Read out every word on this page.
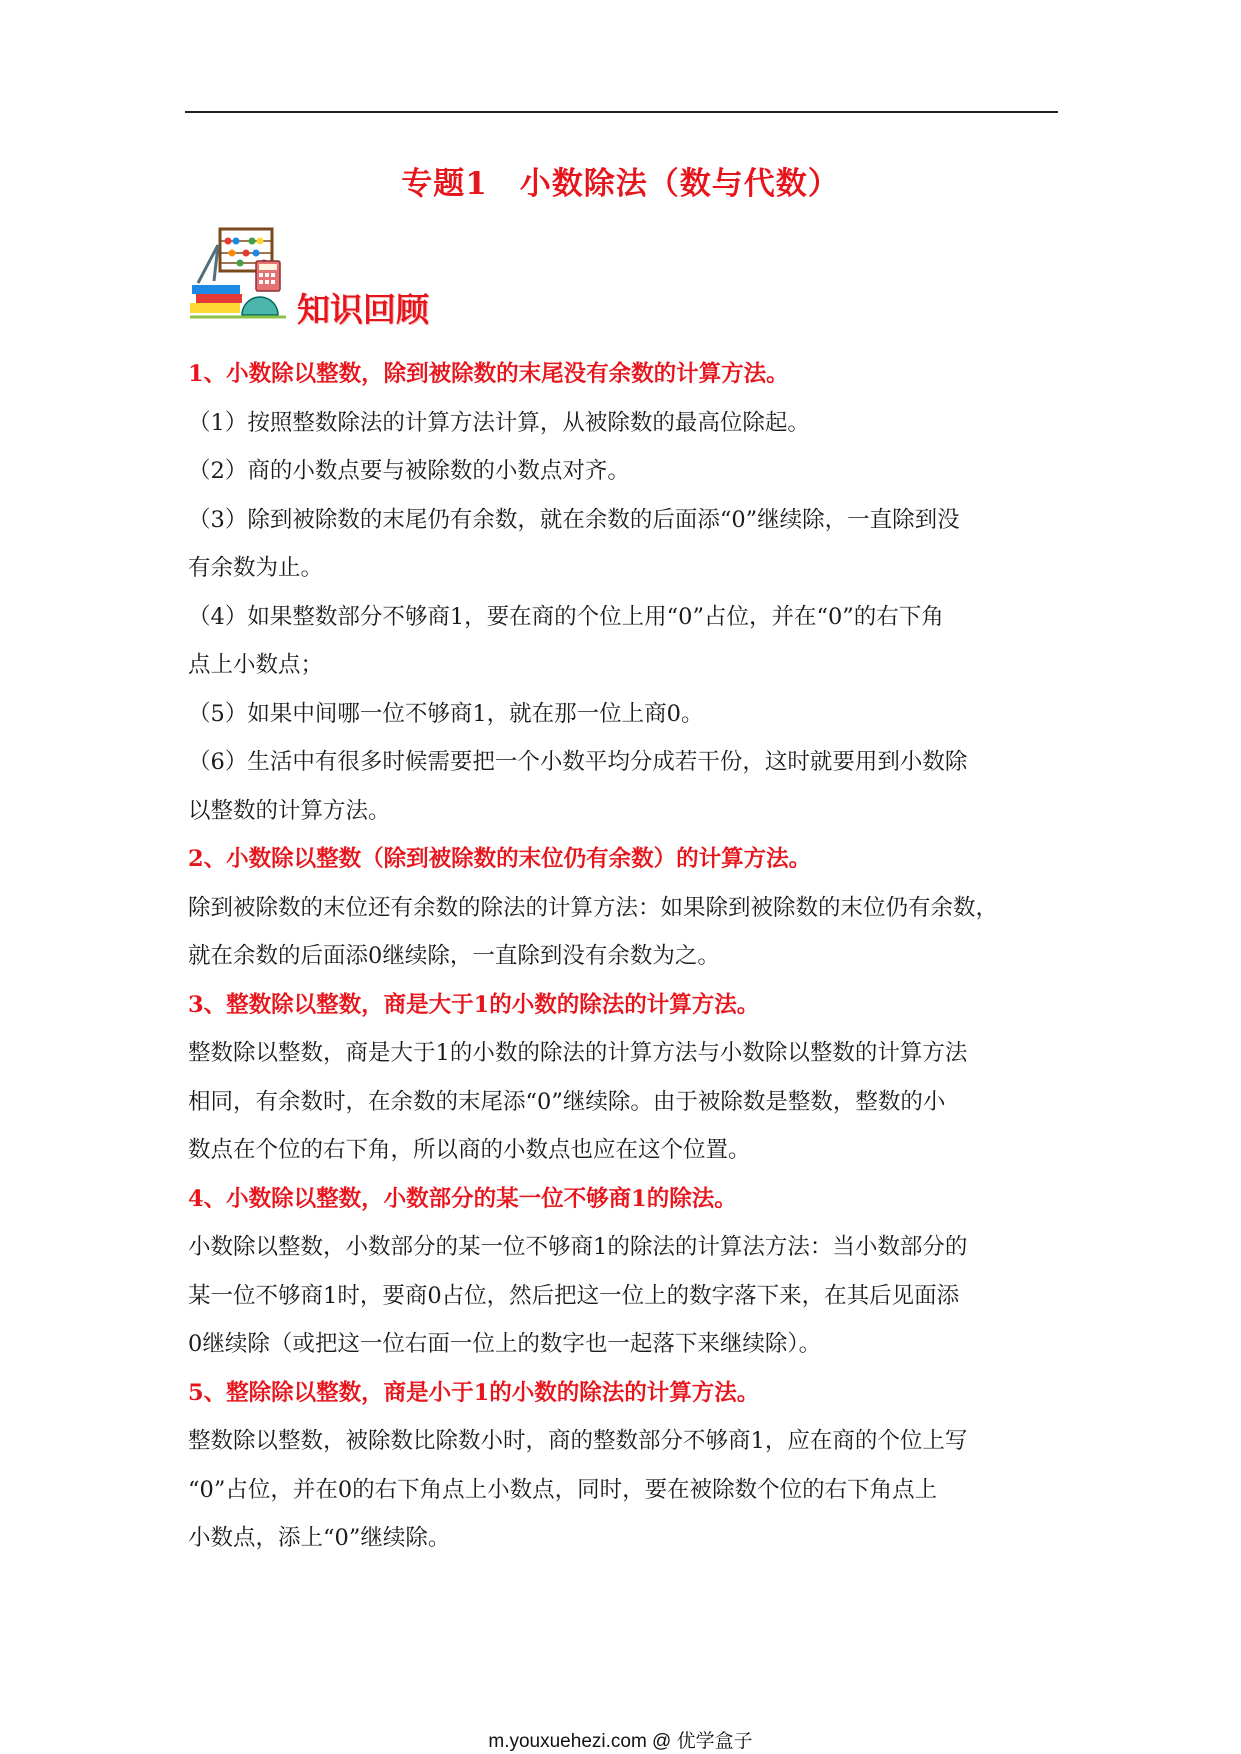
专题1　小数除法（数与代数）
知识回顾
1、小数除以整数，除到被除数的末尾没有余数的计算方法。
（1）按照整数除法的计算方法计算，从被除数的最高位除起。
（2）商的小数点要与被除数的小数点对齐。
（3）除到被除数的末尾仍有余数，就在余数的后面添“0”继续除，一直除到没
有余数为止。
（4）如果整数部分不够商1，要在商的个位上用“0”占位，并在“0”的右下角
点上小数点；
（5）如果中间哪一位不够商1，就在那一位上商0。
（6）生活中有很多时候需要把一个小数平均分成若干份，这时就要用到小数除
以整数的计算方法。
2、小数除以整数（除到被除数的末位仍有余数）的计算方法。
除到被除数的末位还有余数的除法的计算方法：如果除到被除数的末位仍有余数，
就在余数的后面添0继续除，一直除到没有余数为之。
3、整数除以整数，商是大于1的小数的除法的计算方法。
整数除以整数，商是大于1的小数的除法的计算方法与小数除以整数的计算方法
相同，有余数时，在余数的末尾添“0”继续除。由于被除数是整数，整数的小
数点在个位的右下角，所以商的小数点也应在这个位置。
4、小数除以整数，小数部分的某一位不够商1的除法。
小数除以整数，小数部分的某一位不够商1的除法的计算法方法：当小数部分的
某一位不够商1时，要商0占位，然后把这一位上的数字落下来，在其后见面添
0继续除（或把这一位右面一位上的数字也一起落下来继续除）。
5、整除除以整数，商是小于1的小数的除法的计算方法。
整数除以整数，被除数比除数小时，商的整数部分不够商1，应在商的个位上写
“0”占位，并在0的右下角点上小数点，同时，要在被除数个位的右下角点上
小数点，添上“0”继续除。
m.youxuehezi.com @ 优学盒子
